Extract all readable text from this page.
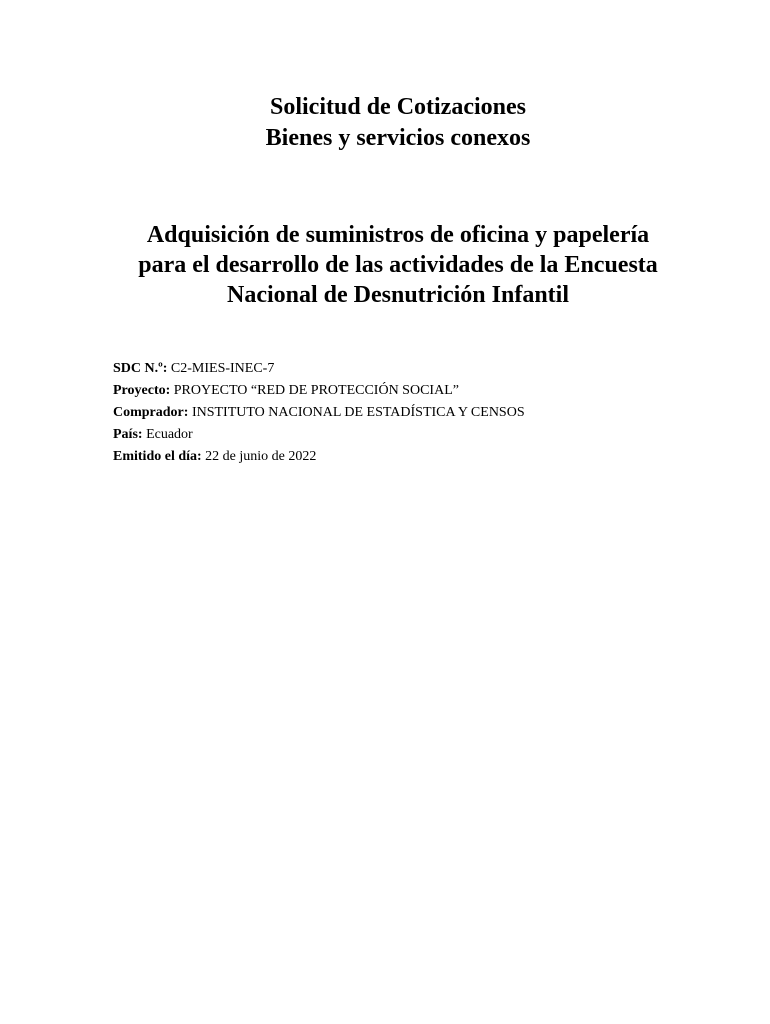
Solicitud de Cotizaciones
Bienes y servicios conexos
Adquisición de suministros de oficina y papelería
para el desarrollo de las actividades de la Encuesta
Nacional de Desnutrición Infantil
SDC N.º: C2-MIES-INEC-7
Proyecto: PROYECTO “RED DE PROTECCIÓN SOCIAL”
Comprador: INSTITUTO NACIONAL DE ESTADÍSTICA Y CENSOS
País: Ecuador
Emitido el día: 22 de junio de 2022
